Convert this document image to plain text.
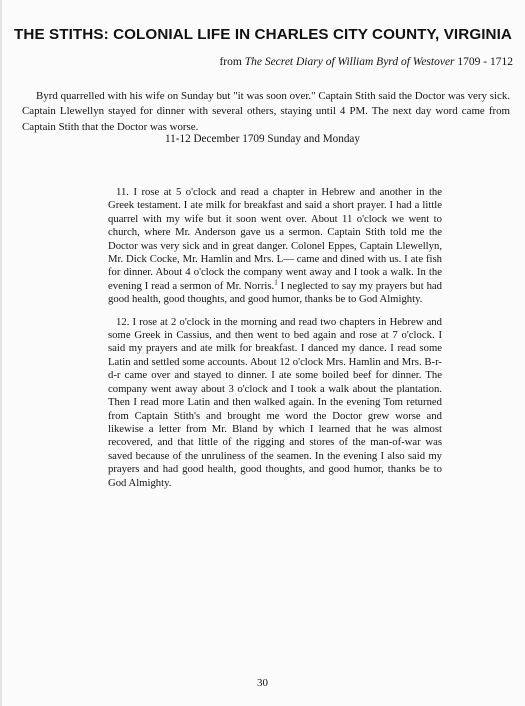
THE STITHS: COLONIAL LIFE IN CHARLES CITY COUNTY, VIRGINIA
from The Secret Diary of William Byrd of Westover 1709 - 1712

Byrd quarrelled with his wife on Sunday but "it was soon over." Captain Stith said the Doctor was very sick. Captain Llewellyn stayed for dinner with several others, staying until 4 PM. The next day word came from Captain Stith that the Doctor was worse.

11-12 December 1709 Sunday and Monday

11. I rose at 5 o'clock and read a chapter in Hebrew and another in the Greek testament. I ate milk for breakfast and said a short prayer. I had a little quarrel with my wife but it soon went over. About 11 o'clock we went to church, where Mr. Anderson gave us a sermon. Captain Stith told me the Doctor was very sick and in great danger. Colonel Eppes, Captain Llewellyn, Mr. Dick Cocke, Mr. Hamlin and Mrs. L— came and dined with us. I ate fish for dinner. About 4 o'clock the company went away and I took a walk. In the evening I read a sermon of Mr. Norris.$^1$ I neglected to say my prayers but had good health, good thoughts, and good humor, thanks be to God Almighty.

12. I rose at 2 o'clock in the morning and read two chapters in Hebrew and some Greek in Cassius, and then went to bed again and rose at 7 o'clock. I said my prayers and ate milk for breakfast. I danced my dance. I read some Latin and settled some accounts. About 12 o'clock Mrs. Hamlin and Mrs. B-r-d-r came over and stayed to dinner. I ate some boiled beef for dinner. The company went away about 3 o'clock and I took a walk about the plantation. Then I read more Latin and then walked again. In the evening Tom returned from Captain Stith's and brought me word the Doctor grew worse and likewise a letter from Mr. Bland by which I learned that he was almost recovered, and that little of the rigging and stores of the man-of-war was saved because of the unruliness of the seamen. In the evening I also said my prayers and had good health, good thoughts, and good humor, thanks be to God Almighty.

30
